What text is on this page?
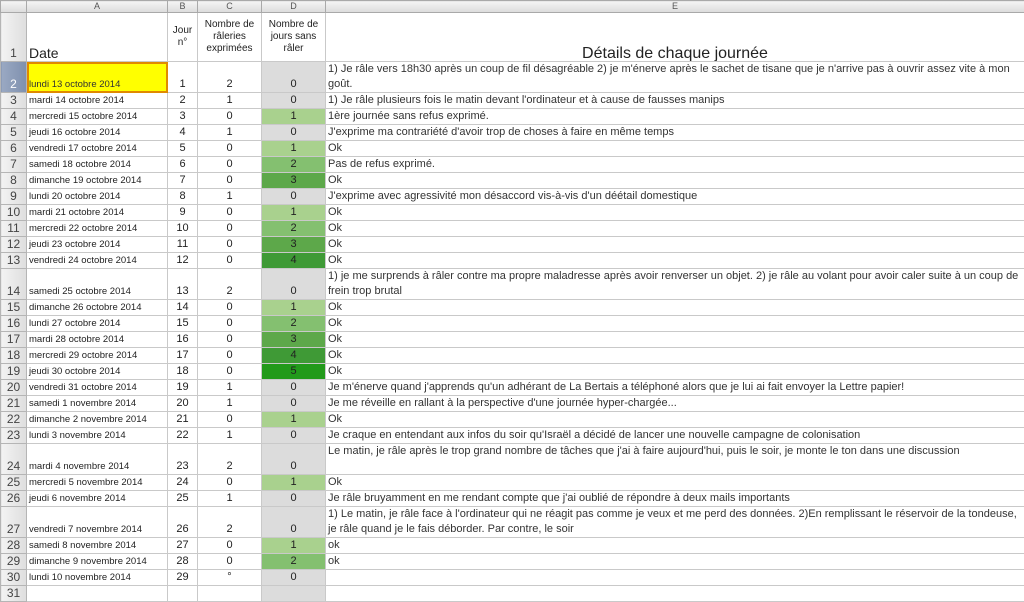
	A	B	C	D	E
1	Date	Jour n°	Nombre de râleries exprimées	Nombre de jours sans râler	Détails de chaque journée
2	lundi 13 octobre 2014	1	2	0	1) Je râle vers 18h30 après un coup de fil désagréable 2) je m'énerve après le sachet de tisane que je n'arrive pas à ouvrir assez vite à mon goût.
3	mardi 14 octobre 2014	2	1	0	1) Je râle plusieurs fois le matin devant l'ordinateur et à cause de fausses manips
4	mercredi 15 octobre 2014	3	0	1	1ère journée sans refus exprimé.
5	jeudi 16 octobre 2014	4	1	0	J'exprime ma contrariété d'avoir trop de choses à faire en même temps
6	vendredi 17 octobre 2014	5	0	1	Ok
7	samedi 18 octobre 2014	6	0	2	Pas de refus exprimé.
8	dimanche 19 octobre 2014	7	0	3	Ok
9	lundi 20 octobre 2014	8	1	0	J'exprime avec agressivité mon désaccord vis-à-vis d'un déétail domestique
10	mardi 21 octobre 2014	9	0	1	Ok
11	mercredi 22 octobre 2014	10	0	2	Ok
12	jeudi 23 octobre 2014	11	0	3	Ok
13	vendredi 24 octobre 2014	12	0	4	Ok
14	samedi 25 octobre 2014	13	2	0	1) je me surprends à râler contre ma propre maladresse après avoir renverser un objet. 2) je râle au volant pour avoir caler suite à un coup de frein trop brutal
15	dimanche 26 octobre 2014	14	0	1	Ok
16	lundi 27 octobre 2014	15	0	2	Ok
17	mardi 28 octobre 2014	16	0	3	Ok
18	mercredi 29 octobre 2014	17	0	4	Ok
19	jeudi 30 octobre 2014	18	0	5	Ok
20	vendredi 31 octobre 2014	19	1	0	Je m'énerve quand j'apprends qu'un adhérant de La Bertais a téléphoné alors que je lui ai fait envoyer la Lettre papier!
21	samedi 1 novembre 2014	20	1	0	Je me réveille en rallant à la perspective d'une journée hyper-chargée...
22	dimanche 2 novembre 2014	21	0	1	Ok
23	lundi 3 novembre 2014	22	1	0	Je craque en entendant aux infos du soir qu'Israël a décidé de lancer une nouvelle campagne de colonisation
24	mardi 4 novembre 2014	23	2	0	Le matin, je râle après le trop grand nombre de tâches que j'ai à faire aujourd'hui, puis le soir, je monte le ton dans une discussion
25	mercredi 5 novembre 2014	24	0	1	Ok
26	jeudi 6 novembre 2014	25	1	0	Je râle bruyamment en me rendant compte que j'ai oublié de répondre à deux mails importants
27	vendredi 7 novembre 2014	26	2	0	1) Le matin, je râle face à l'ordinateur qui ne réagit pas comme je veux et me perd des données. 2)En remplissant le réservoir de la tondeuse, je râle quand je le fais déborder. Par contre, le soir
28	samedi 8 novembre 2014	27	0	1	ok
29	dimanche 9 novembre 2014	28	0	2	ok
30	lundi 10 novembre 2014	29	°	0	
31					
